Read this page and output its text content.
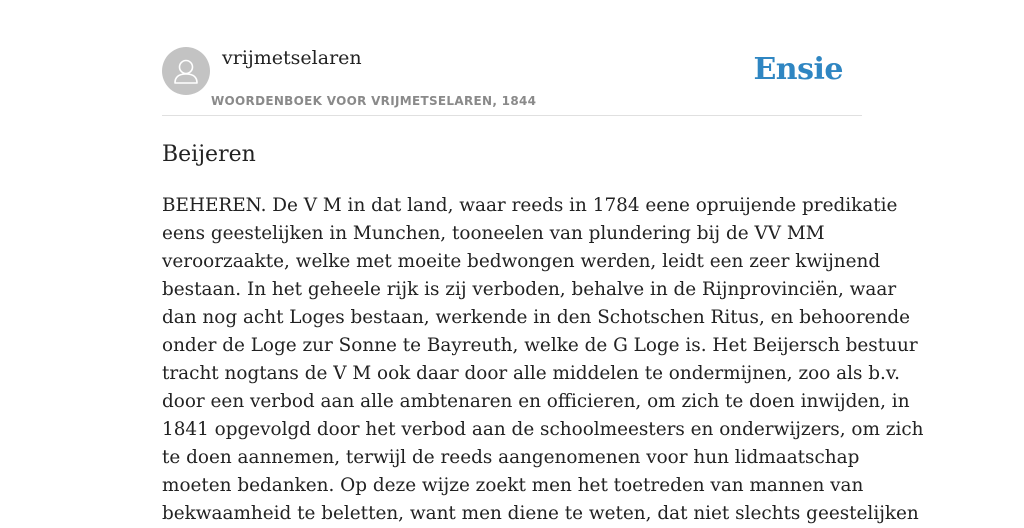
vrijmetselaren
WOORDENBOEK VOOR VRIJMETSELAREN, 1844
Ensie
Beijeren

BEHEREN. De V M in dat land, waar reeds in 1784 eene opruijende predikatie
eens geestelijken in Munchen, tooneelen van plundering bij de VV MM
veroorzaakte, welke met moeite bedwongen werden, leidt een zeer kwijnend
bestaan. In het geheele rijk is zij verboden, behalve in de Rijnprovinciën, waar
dan nog acht Loges bestaan, werkende in den Schotschen Ritus, en behoorende
onder de Loge zur Sonne te Bayreuth, welke de G Loge is. Het Beijersch bestuur
tracht nogtans de V M ook daar door alle middelen te ondermijnen, zoo als b.v.
door een verbod aan alle ambtenaren en officieren, om zich te doen inwijden, in
1841 opgevolgd door het verbod aan de schoolmeesters en onderwijzers, om zich
te doen aannemen, terwijl de reeds aangenomenen voor hun lidmaatschap
moeten bedanken. Op deze wijze zoekt men het toetreden van mannen van
bekwaamheid te beletten, want men diene te weten, dat niet slechts geestelijken
